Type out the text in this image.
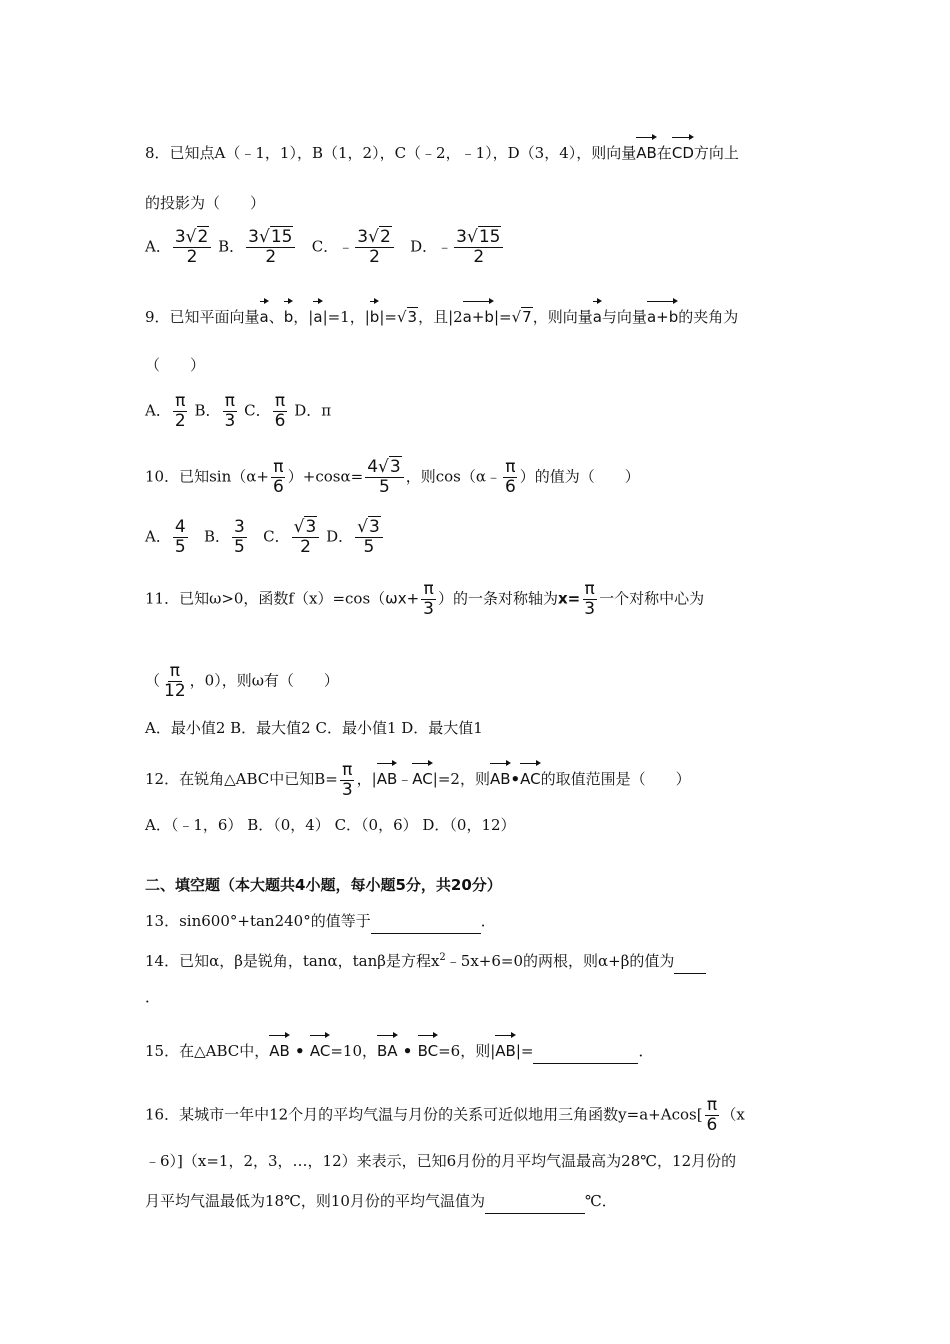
8．已知点A（﹣1，1），B（1，2），C（﹣2，﹣1），D（3，4），则向量AB在CD方向上
的投影为（　　）
A． $\frac{3√2}{2}$ B． $\frac{3√15}{2}$ C．﹣ $\frac{3√2}{2}$ D．﹣ $\frac{3√15}{2}$
9．已知平面向量a、b，|a|=1，|b|=√3，且|2a+b|=√7，则向量a与向量a+b的夹角为
（　　）
A． $\frac{\pi}{2}$ B． $\frac{\pi}{3}$ C． $\frac{\pi}{6}$ D．π
10．已知$\sin(\alpha+ \frac{\pi}{6} )+\cos\alpha= \frac{4√3}{5}$ ，则cos（α﹣ $\frac{\pi}{6}$ ）的值为（　　）
A． $\frac{4}{5}$ B． $\frac{3}{5}$ C． $\frac{√3}{2}$ D． $\frac{√3}{5}$
11．已知ω>0，函数$f(x)=\cos(\omega x+ \frac{\pi}{3}$ ）的一条对称轴为$x= \frac{\pi}{3}$ 一个对称中心为
（ $\frac{\pi}{12}$ ，0），则ω有（　　）
A．最小值2 B．最大值2 C．最小值1 D．最大值1
12．在锐角△ABC中已知$B= \frac{\pi}{3}$ ，|AB﹣AC|=2，则AB•AC的取值范围是（　　）
A．（﹣1，6） B．（0，4） C．（0，6） D．（0，12）
二、填空题（本大题共4小题，每小题5分，共20分）
13．sin600°+tan240°的值等于	．
14．已知α，β是锐角，tanα，tanβ是方程$x^2﹣5x+6=0$的两根，则α+β的值为
．
15．在△ABC中，AB • AC=10，BA • BC=6，则|AB|=	．
16．某城市一年中12个月的平均气温与月份的关系可近似地用三角函数$y=a+Acos[ \frac{\pi}{6} (x$
﹣6）]（x=1，2，3，…，12）来表示，已知6月份的月平均气温最高为28℃，12月份的
月平均气温最低为18℃，则10月份的平均气温值为	℃．
